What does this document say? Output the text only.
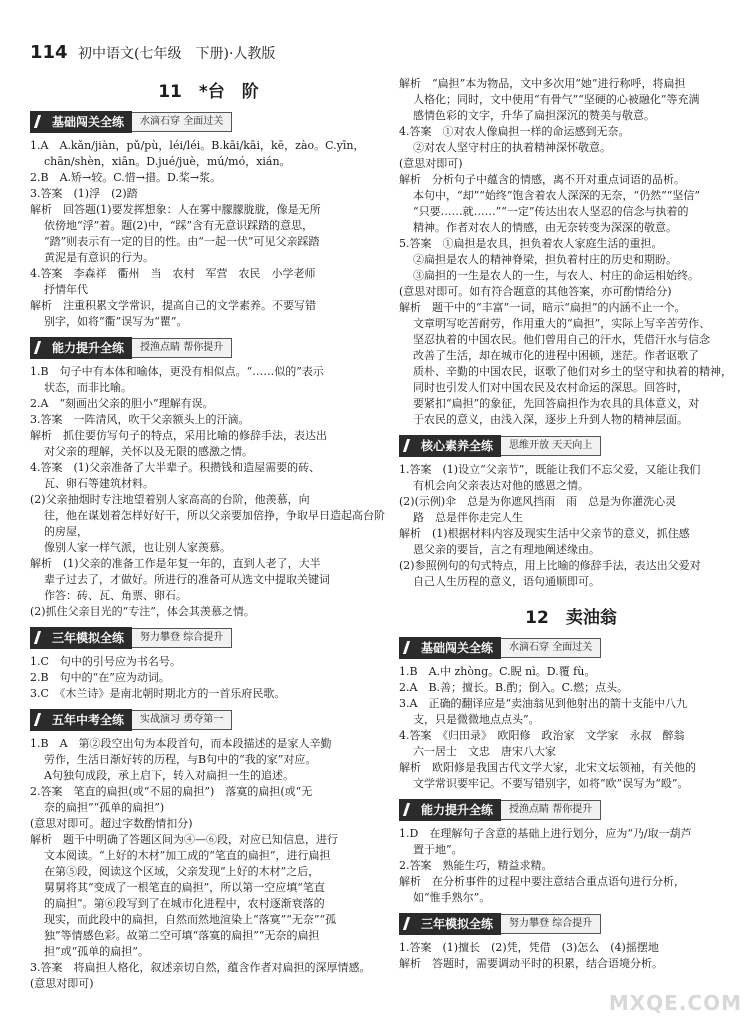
114 初中语文(七年级　下册)·人教版
11　*台　阶
基础闯关全练	水滴石穿 全面过关

1.A　A.kǎn/jiàn，pǔ/pù，léi/léi。B.kāi/kāi，kē，zào。C.yīn，

chān/shèn，xiān。D.jué/juè，mú/mó，xián。

2.B　A.矫→较。C.惜→措。D.桨→浆。

3.答案　(1)浮　(2)踏

解析　回答题(1)要发挥想象：人在雾中朦朦胧胧，像是无所

依傍地“浮”着。题(2)中，“踩”含有无意识踩踏的意思，

“踏”则表示有一定的目的性。由“一起一伏”可见父亲踩踏

黄泥是有意识的行为。

4.答案　李森祥　衢州　当　农村　军营　农民　小学老师

抒情年代

解析　注重积累文学常识，提高自己的文学素养。不要写错

别字，如将“衢”误写为“瞿”。

能力提升全练	授渔点睛 帮你提升

1.B　句子中有本体和喻体，更没有相似点。“……似的”表示

状态，而非比喻。

2.A　“刻画出父亲的胆小”理解有误。

3.答案　一阵清风，吹干父亲额头上的汗滴。

解析　抓住要仿写句子的特点，采用比喻的修辞手法，表达出

对父亲的理解，关怀以及无限的感激之情。

4.答案　(1)父亲准备了大半辈子。积攒钱和造屋需要的砖、

瓦、卵石等建筑材料。

(2)父亲抽烟时专注地望着别人家高高的台阶，他羡慕，向

往，他在谋划着怎样好好干，所以父亲要加倍挣，争取早日造起高台阶的房屋，

像别人家一样气派，也让别人家羡慕。

解析　(1)父亲的准备工作是年复一年的，直到人老了，大半

辈子过去了，才做好。所进行的准备可从选文中提取关键词

作答：砖、瓦、角票、卵石。

(2)抓住父亲目光的“专注”，体会其羡慕之情。

三年模拟全练	努力攀登 综合提升

1.C　句中的引号应为书名号。

2.B　句中的“在”应为动词。

3.C　《木兰诗》是南北朝时期北方的一首乐府民歌。

五年中考全练	实战演习 勇夺第一

1.B　A　第②段空出句为本段首句，而本段描述的是家人辛勤

劳作，生活日渐好转的历程，与B句中的“我的家”对应。

A句独句成段，承上启下，转入对扁担一生的追述。

2.答案　笔直的扁担(或“不屈的扁担”)　落寞的扁担(或“无

奈的扁担”“孤单的扁担”)

(意思对即可。超过字数酌情扣分)

解析　题干中明确了答题区间为④—⑥段，对应已知信息，进行

文本阅读。“上好的木材”加工成的“笔直的扁担”，进行扁担

在第⑤段，阅读这个区域，父亲发现“上好的木材”之后，

舅舅将其“变成了一根笔直的扁担”，所以第一空应填“笔直

的扁担”。第⑥段写到了在城市化进程中，农村逐渐衰落的

现实，而此段中的扁担，自然而然地渲染上“落寞”“无奈”“孤

独”等情感色彩。故第二空可填“落寞的扁担”“无奈的扁担

担”或“孤单的扁担”。

3.答案　将扁担人格化，叙述亲切自然，蕴含作者对扁担的深厚情感。

(意思对即可)

解析　“扁担”本为物品，文中多次用“她”进行称呼，将扁担

人格化；同时，文中使用“有骨气”“坚硬的心被融化”等充满

感情色彩的文字，升华了扁担深沉的赞美与敬意。

4.答案　①对农人像扁担一样的命运感到无奈。

②对农人坚守村庄的执着精神深怀敬意。

(意思对即可)

解析　分析句子中蕴含的情感，离不开对重点词语的品析。

本句中，“却”“始终”饱含着农人深深的无奈，“仍然”“坚信”

“只要……就……”“一定”传达出农人坚忍的信念与执着的

精神。作者对农人的情感，由无奈转变为深深的敬意。

5.答案　①扁担是农具，担负着农人家庭生活的重担。

②扁担是农人的精神脊梁，担负着村庄的历史和期盼。

③扁担的一生是农人的一生，与农人、村庄的命运相始终。

(意思对即可。如有符合题意的其他答案，亦可酌情给分)

解析　题干中的“丰富”一词，暗示“扁担”的内涵不止一个。

文章明写吃苦耐劳，作用重大的“扁担”，实际上写辛苦劳作、

坚忍执着的中国农民。他们曾用自己的汗水，凭借汗水与信念

改善了生活，却在城市化的进程中困顿，迷茫。作者讴歌了

质朴、辛勤的中国农民，讴歌了他们对乡土的坚守和执着的精神，

同时也引发人们对中国农民及农村命运的深思。回答时，

要紧扣“扁担”的象征，先回答扁担作为农具的具体意义，对

于农民的意义，由浅入深，逐步上升到人物的精神层面。

核心素养全练	思维开放 天天向上

1.答案　(1)设立“父亲节”，既能让我们不忘父爱，又能让我们

有机会向父亲表达对他的感恩之情。

(2)(示例)伞　总是为你遮风挡雨　雨　总是为你灌洗心灵

路　总是伴你走完人生

解析　(1)根据材料内容及现实生活中父亲节的意义，抓住感

恩父亲的要旨，言之有理地阐述缘由。

(2)参照例句的句式特点，用上比喻的修辞手法，表达出父爱对

自己人生历程的意义，语句通顺即可。

12　卖油翁
基础闯关全练	水滴石穿 全面过关

1.B　A.中 zhòng。C.睨 nì。D.覆 fù。

2.A　B.善；擅长。B.酌；倒入。C.燃；点头。

3.A　正确的翻译应是“卖油翁见到他射出的箭十支能中八九

支，只是微微地点点头”。

4.答案　《归田录》　欧阳修　政治家　文学家　永叔　醉翁

六一居士　文忠　唐宋八大家

解析　欧阳修是我国古代文学大家，北宋文坛领袖，有关他的

文学常识要牢记。不要写错别字，如将“欧”误写为“殴”。

能力提升全练	授渔点睛 帮你提升

1.D　在理解句子含意的基础上进行划分，应为“乃/取一葫芦

置于地”。

2.答案　熟能生巧，精益求精。

解析　在分析事件的过程中要注意结合重点语句进行分析，

如“惟手熟尔”。

三年模拟全练	努力攀登 综合提升

1.答案　(1)擅长　(2)凭，凭借　(3)怎么　(4)摇摆地

解析　答题时，需要调动平时的积累，结合语境分析。

MXQE.COM
